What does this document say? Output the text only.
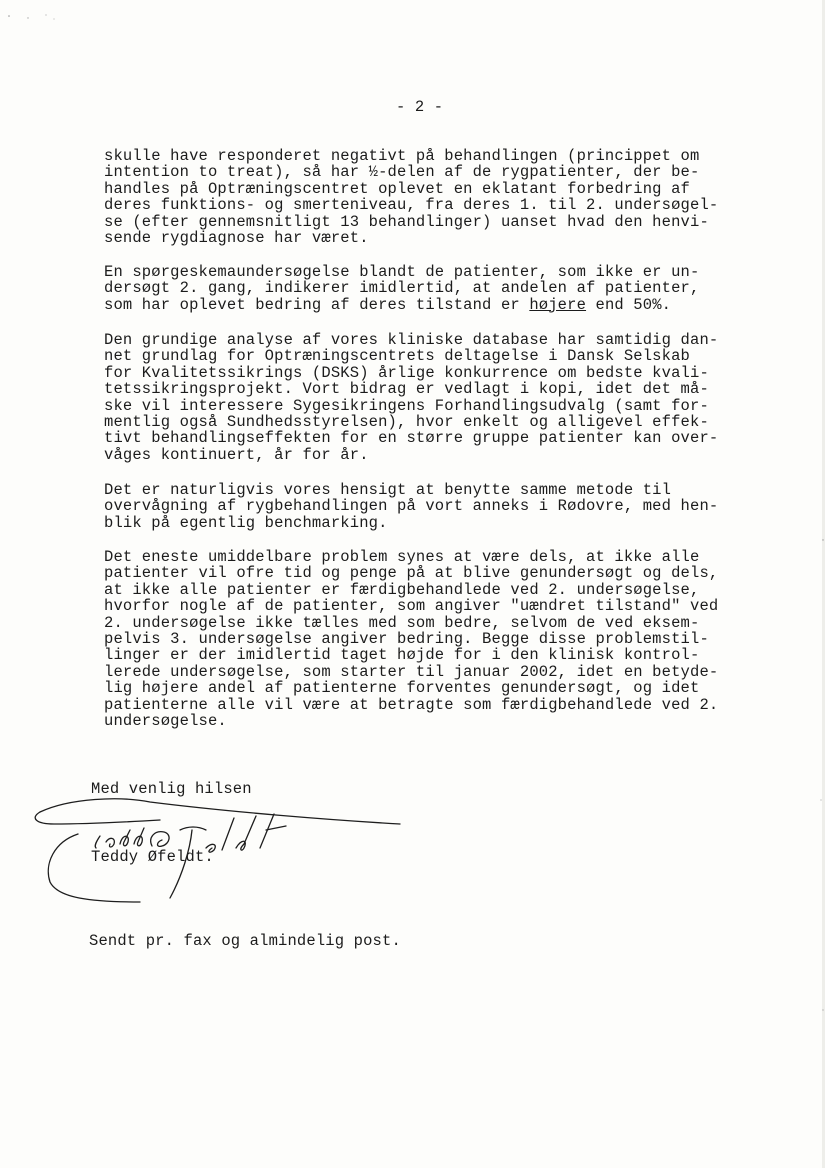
- 2 -
skulle have responderet negativt på behandlingen (princippet om
intention to treat), så har ½-delen af de rygpatienter, der be-
handles på Optræningscentret oplevet en eklatant forbedring af
deres funktions- og smerteniveau, fra deres 1. til 2. undersøgel-
se (efter gennemsnitligt 13 behandlinger) uanset hvad den henvi-
sende rygdiagnose har været.
En spørgeskemaundersøgelse blandt de patienter, som ikke er un-
dersøgt 2. gang, indikerer imidlertid, at andelen af patienter,
som har oplevet bedring af deres tilstand er højere end 50%.
Den grundige analyse af vores kliniske database har samtidig dan-
net grundlag for Optræningscentrets deltagelse i Dansk Selskab
for Kvalitetssikrings (DSKS) årlige konkurrence om bedste kvali-
tetssikringsprojekt. Vort bidrag er vedlagt i kopi, idet det må-
ske vil interessere Sygesikringens Forhandlingsudvalg (samt for-
mentlig også Sundhedsstyrelsen), hvor enkelt og alligevel effek-
tivt behandlingseffekten for en større gruppe patienter kan over-
våges kontinuert, år for år.
Det er naturligvis vores hensigt at benytte samme metode til
overvågning af rygbehandlingen på vort anneks i Rødovre, med hen-
blik på egentlig benchmarking.
Det eneste umiddelbare problem synes at være dels, at ikke alle
patienter vil ofre tid og penge på at blive genundersøgt og dels,
at ikke alle patienter er færdigbehandlede ved 2. undersøgelse,
hvorfor nogle af de patienter, som angiver "uændret tilstand" ved
2. undersøgelse ikke tælles med som bedre, selvom de ved eksem-
pelvis 3. undersøgelse angiver bedring. Begge disse problemstil-
linger er der imidlertid taget højde for i den klinisk kontrol-
lerede undersøgelse, som starter til januar 2002, idet en betyde-
lig højere andel af patienterne forventes genundersøgt, og idet
patienterne alle vil være at betragte som færdigbehandlede ved 2.
undersøgelse.
Med venlig hilsen
Teddy Øfeldt.
Sendt pr. fax og almindelig post.
